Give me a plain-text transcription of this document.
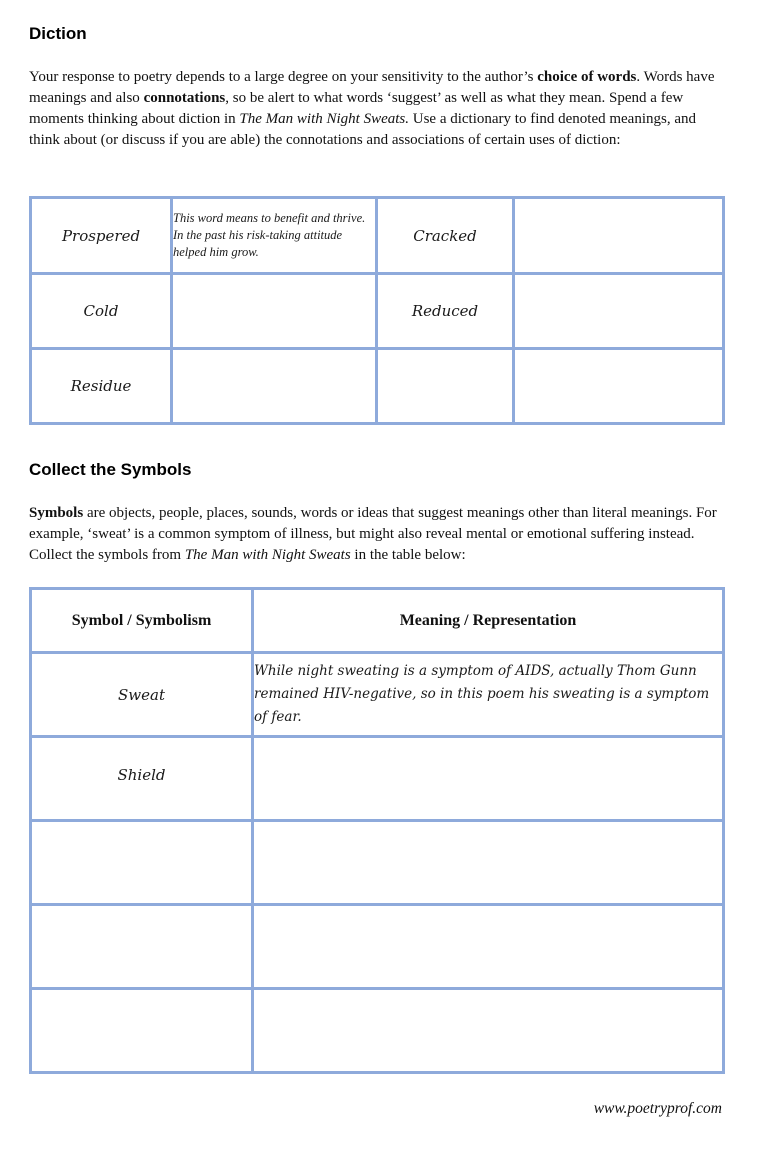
Diction

Your response to poetry depends to a large degree on your sensitivity to the author’s choice of words. Words have meanings and also connotations, so be alert to what words ‘suggest’ as well as what they mean. Spend a few moments thinking about diction in The Man with Night Sweats. Use a dictionary to find denoted meanings, and think about (or discuss if you are able) the connotations and associations of certain uses of diction:

Prospered	This word means to benefit and thrive. In the past his risk-taking attitude helped him grow.	Cracked	
Cold		Reduced	
Residue			
Collect the Symbols

Symbols are objects, people, places, sounds, words or ideas that suggest meanings other than literal meanings. For example, ‘sweat’ is a common symptom of illness, but might also reveal mental or emotional suffering instead. Collect the symbols from The Man with Night Sweats in the table below:

Symbol / Symbolism	Meaning / Representation
Sweat	While night sweating is a symptom of AIDS, actually Thom Gunn remained HIV-negative, so in this poem his sweating is a symptom of fear.
Shield	

www.poetryprof.com
